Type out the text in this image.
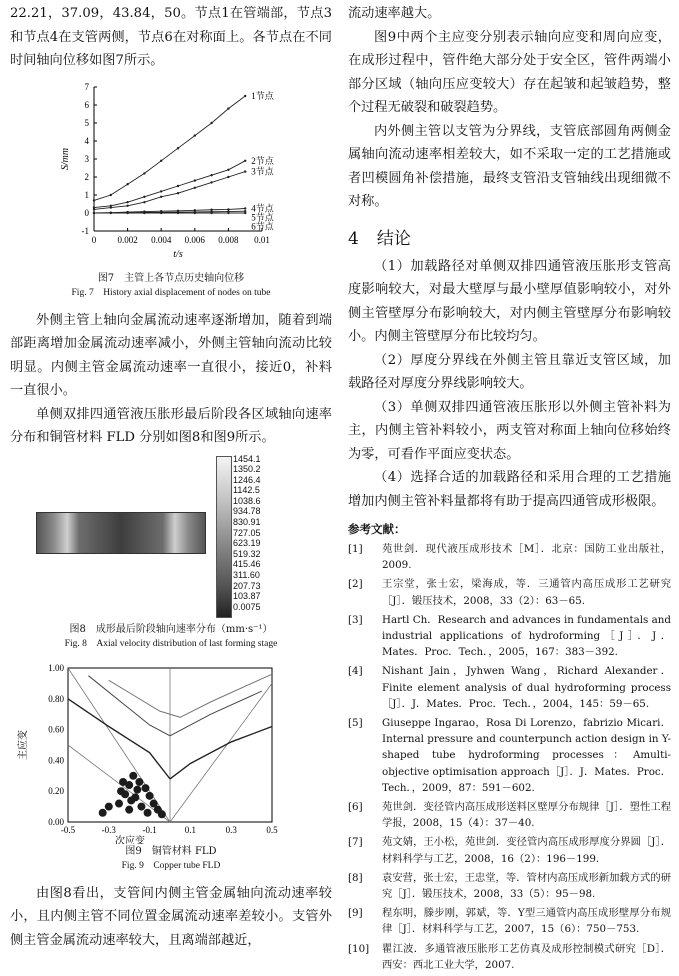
22.21，37.09，43.84，50。节点1在管端部，节点3和节点4在支管两侧，节点6在对称面上。各节点在不同时间轴向位移如图7所示。

-1
0
1
2
3
4
5
6
7
0 0.002 0.004 0.006 0.008 0.01
S/mm
t/s
1节点
2节点
3节点
4节点
5节点
6节点

图7　主管上各节点历史轴向位移

Fig. 7　History axial displacement of nodes on tube

外侧主管上轴向金属流动速率逐渐增加，随着到端部距离增加金属流动速率减小，外侧主管轴向流动比较明显。内侧主管金属流动速率一直很小，接近0，补料一直很小。

单侧双排四通管液压胀形最后阶段各区域轴向速率分布和铜管材料 FLD 分别如图8和图9所示。

1454.1
1350.2
1246.4
1142.5
1038.6
934.78
830.91
727.05
623.19
519.32
415.46
311.60
207.73
103.87
0.0075

图8　成形最后阶段轴向速率分布（mm·s⁻¹）

Fig. 8　Axial velocity distribution of last forming stage

0.00
0.20
0.40
0.60
0.80
1.00
-0.5	-0.3	-0.1	0.1	0.3	0.5
主应变
次应变

图9　铜管材料 FLD

Fig. 9　Copper tube FLD

由图8看出，支管间内侧主管金属轴向流动速率较小，且内侧主管不同位置金属流动速率差较小。支管外侧主管金属流动速率较大，且离端部越近，

流动速率越大。

图9中两个主应变分别表示轴向应变和周向应变，在成形过程中，管件绝大部分处于安全区，管件两端小部分区域（轴向压应变较大）存在起皱和起皱趋势，整个过程无破裂和破裂趋势。

内外侧主管以支管为分界线，支管底部圆角两侧金属轴向流动速率相差较大，如不采取一定的工艺措施或者凹模圆角补偿措施，最终支管沿支管轴线出现细微不对称。

4 结论

（1）加载路径对单侧双排四通管液压胀形支管高度影响较大，对最大壁厚与最小壁厚值影响较小，对外侧主管壁厚分布影响较大，对内侧主管壁厚分布影响较小。内侧主管壁厚分布比较均匀。

（2）厚度分界线在外侧主管且靠近支管区域，加载路径对厚度分界线影响较大。

（3）单侧双排四通管液压胀形以外侧主管补料为主，内侧主管补料较小，两支管对称面上轴向位移始终为零，可看作平面应变状态。

（4）选择合适的加载路径和采用合理的工艺措施增加内侧主管补料量都将有助于提高四通管成形极限。

参考文献：
[1]	苑世剑．现代液压成形技术［M］．北京：国防工业出版社，2009.
[2]	王宗堂，张士宏，梁海成，等．三通管内高压成形工艺研究［J］．锻压技术，2008，33（2）：63－65.
[3]	Hartl Ch．Research and advances in fundamentals and industrial applications of hydroforming［J］．J．Mates．Proc．Tech．，2005，167：383－392.
[4]	Nishant Jain，Jyhwen Wang，Richard Alexander．Finite element analysis of dual hydroforming process［J］．J．Mates．Proc．Tech．，2004，145：59－65.
[5]	Giuseppe Ingarao，Rosa Di Lorenzo，fabrizio Micari．Internal pressure and counterpunch action design in Y-shaped tube hydroforming processes：Amulti-objective optimisation approach［J］．J．Mates．Proc．Tech．，2009，87：591－602.
[6]	苑世剑．变径管内高压成形送料区壁厚分布规律［J］．塑性工程学报，2008，15（4）：37－40.
[7]	苑文婧，王小松，苑世剑．变径管内高压成形厚度分界圆［J］．材料科学与工艺，2008，16（2）：196－199.
[8]	袁安营，张士宏，王忠堂，等．管材内高压成形新加载方式的研究［J］．锻压技术，2008，33（5）：95－98.
[9]	程东明，滕步刚，郭斌，等．Y型三通管内高压成形壁厚分布规律［J］．材料科学与工艺，2007，15（6）：750－753.
[10]	瞿江波．多通管液压胀形工艺仿真及成形控制模式研究［D］．西安：西北工业大学，2007.
